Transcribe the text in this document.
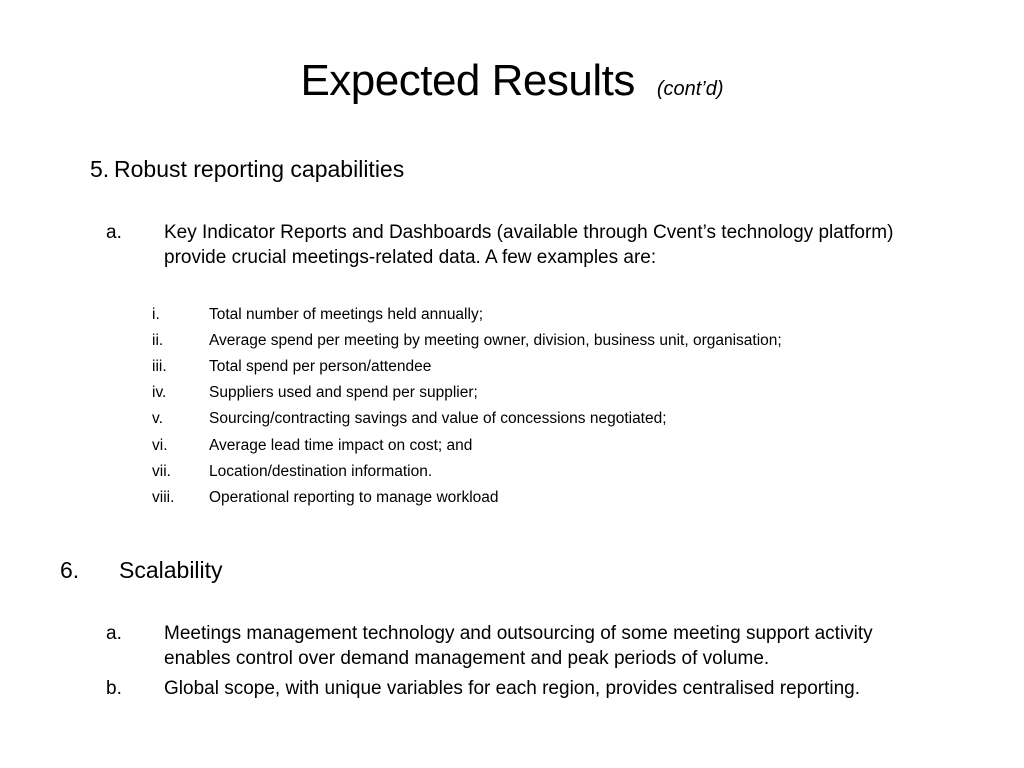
Expected Results (cont’d)
5. Robust reporting capabilities
a. Key Indicator Reports and Dashboards (available through Cvent’s technology platform)
provide crucial meetings-related data. A few examples are:
i.	Total number of meetings held annually;
ii.	Average spend per meeting by meeting owner, division, business unit, organisation;
iii.	Total spend per person/attendee
iv.	Suppliers used and spend per supplier;
v.	Sourcing/contracting savings and value of concessions negotiated;
vi.	Average lead time impact on cost; and
vii. Location/destination information.
viii. Operational reporting to manage workload
6. Scalability
a. Meetings management technology and outsourcing of some meeting support activity
enables control over demand management and peak periods of volume.
b. Global scope, with unique variables for each region, provides centralised reporting.
